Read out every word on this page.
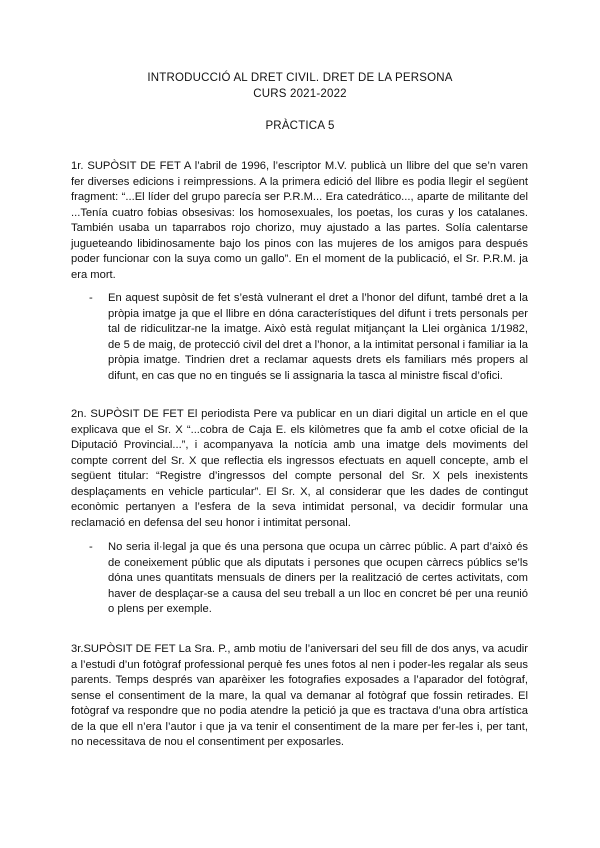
INTRODUCCIÓ AL DRET CIVIL. DRET DE LA PERSONA
CURS 2021-2022
PRÀCTICA 5
1r. SUPÒSIT DE FET A l’abril de 1996, l’escriptor M.V. publicà un llibre del que se’n varen fer diverses edicions i reimpressions. A la primera edició del llibre es podia llegir el següent fragment: “...El líder del grupo parecía ser P.R.M... Era catedrático..., aparte de militante del ...Tenía cuatro fobias obsesivas: los homosexuales, los poetas, los curas y los catalanes. También usaba un taparrabos rojo chorizo, muy ajustado a las partes. Solía calentarse jugueteando libidinosamente bajo los pinos con las mujeres de los amigos para después poder funcionar con la suya como un gallo”. En el moment de la publicació, el Sr. P.R.M. ja era mort.
- En aquest supòsit de fet s’està vulnerant el dret a l’honor del difunt, també dret a la pròpia imatge ja que el llibre en dóna característiques del difunt i trets personals per tal de ridiculitzar-ne la imatge. Això està regulat mitjançant la Llei orgànica 1/1982, de 5 de maig, de protecció civil del dret a l’honor, a la intimitat personal i familiar ia la pròpia imatge. Tindrien dret a reclamar aquests drets els familiars més propers al difunt, en cas que no en tingués se li assignaria la tasca al ministre fiscal d’ofici.
2n. SUPÒSIT DE FET El periodista Pere va publicar en un diari digital un article en el que explicava que el Sr. X “...cobra de Caja E. els kilòmetres que fa amb el cotxe oficial de la Diputació Provincial...”, i acompanyava la notícia amb una imatge dels moviments del compte corrent del Sr. X que reflectia els ingressos efectuats en aquell concepte, amb el següent titular: “Registre d’ingressos del compte personal del Sr. X pels inexistents desplaçaments en vehicle particular”. El Sr. X, al considerar que les dades de contingut econòmic pertanyen a l’esfera de la seva intimidat personal, va decidir formular una reclamació en defensa del seu honor i intimitat personal.
- No seria il·legal ja que és una persona que ocupa un càrrec públic. A part d’això és de coneixement públic que als diputats i persones que ocupen càrrecs públics se’ls dóna unes quantitats mensuals de diners per la realització de certes activitats, com haver de desplaçar-se a causa del seu treball a un lloc en concret bé per una reunió o plens per exemple.
3r.SUPÒSIT DE FET La Sra. P., amb motiu de l’aniversari del seu fill de dos anys, va acudir a l’estudi d’un fotògraf professional perquè fes unes fotos al nen i poder-les regalar als seus parents. Temps després van aparèixer les fotografies exposades a l’aparador del fotògraf, sense el consentiment de la mare, la qual va demanar al fotògraf que fossin retirades. El fotògraf va respondre que no podia atendre la petició ja que es tractava d’una obra artística de la que ell n’era l’autor i que ja va tenir el consentiment de la mare per fer-les i, per tant, no necessitava de nou el consentiment per exposarles.
